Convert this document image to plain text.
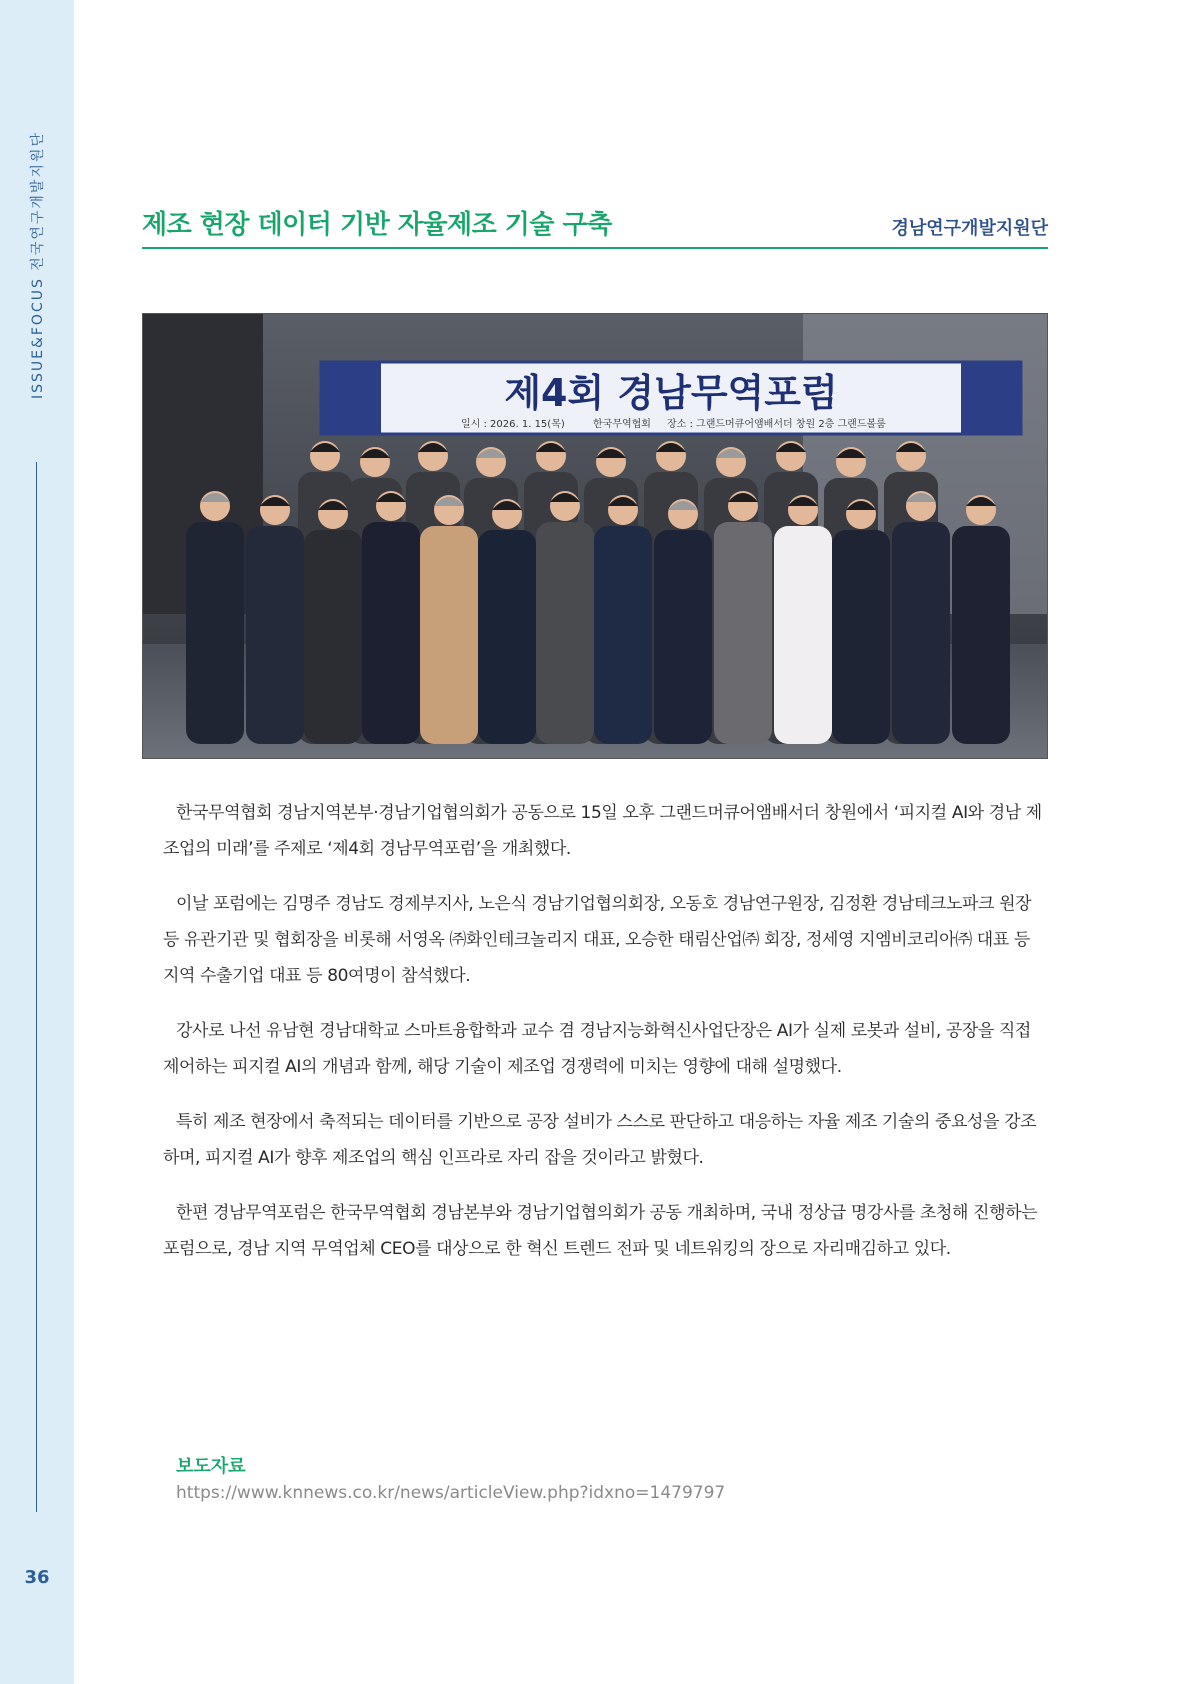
ISSUE&FOCUS 전국연구개발지원단
36
제조 현장 데이터 기반 자율제조 기술 구축	경남연구개발지원단
제4회 경남무역포럼
일시 : 2026. 1. 15(목)	한국무역협회 장소 : 그랜드머큐어앰배서더 창원 2층 그랜드볼룸

한국무역협회 경남지역본부·경남기업협의회가 공동으로 15일 오후 그랜드머큐어앰배서더 창원에서 ‘피지컬 AI와 경남 제조업의 미래’를 주제로 ‘제4회 경남무역포럼’을 개최했다.

이날 포럼에는 김명주 경남도 경제부지사, 노은식 경남기업협의회장, 오동호 경남연구원장, 김정환 경남테크노파크 원장 등 유관기관 및 협회장을 비롯해 서영옥 ㈜화인테크놀리지 대표, 오승한 태림산업㈜ 회장, 정세영 지엠비코리아㈜ 대표 등 지역 수출기업 대표 등 80여명이 참석했다.

강사로 나선 유남현 경남대학교 스마트융합학과 교수 겸 경남지능화혁신사업단장은 AI가 실제 로봇과 설비, 공장을 직접 제어하는 피지컬 AI의 개념과 함께, 해당 기술이 제조업 경쟁력에 미치는 영향에 대해 설명했다.

특히 제조 현장에서 축적되는 데이터를 기반으로 공장 설비가 스스로 판단하고 대응하는 자율 제조 기술의 중요성을 강조하며, 피지컬 AI가 향후 제조업의 핵심 인프라로 자리 잡을 것이라고 밝혔다.

한편 경남무역포럼은 한국무역협회 경남본부와 경남기업협의회가 공동 개최하며, 국내 정상급 명강사를 초청해 진행하는 포럼으로, 경남 지역 무역업체 CEO를 대상으로 한 혁신 트렌드 전파 및 네트워킹의 장으로 자리매김하고 있다.

보도자료
https://www.knnews.co.kr/news/articleView.php?idxno=1479797
